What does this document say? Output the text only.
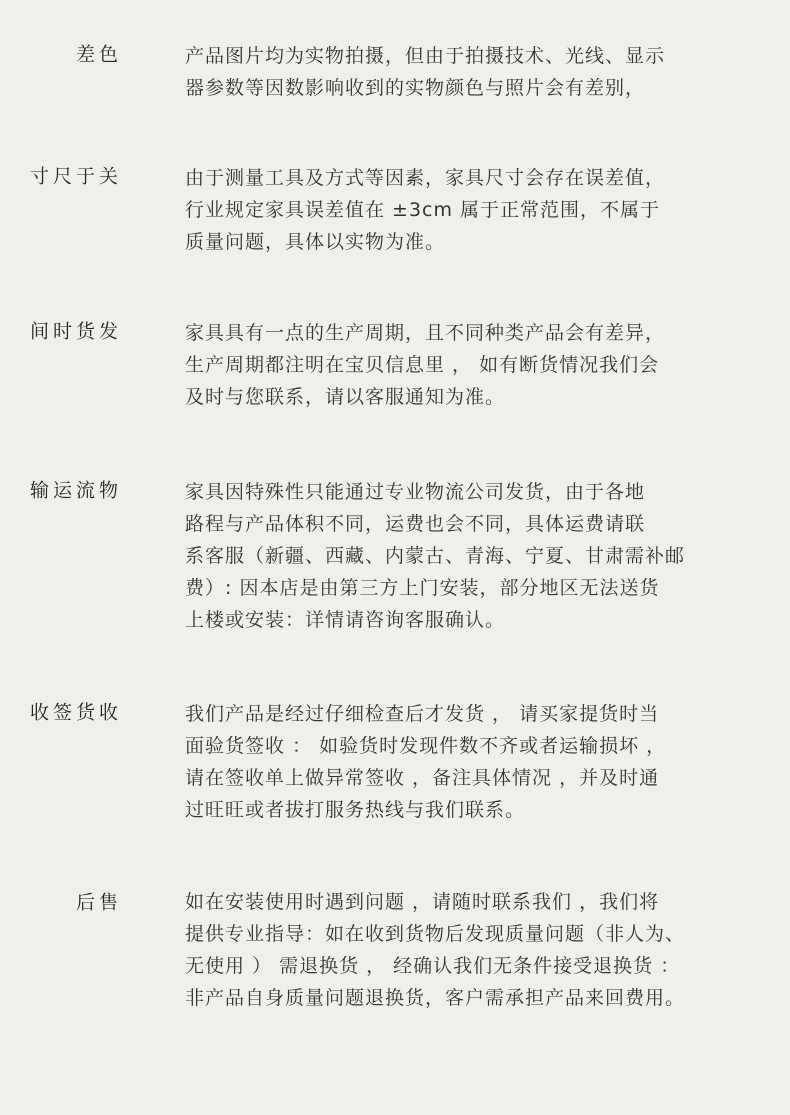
色差	产品图片均为实物拍摄，但由于拍摄技术、光线、显示
器参数等因数影响收到的实物颜色与照片会有差别，
关于尺寸	由于测量工具及方式等因素，家具尺寸会存在误差值，
行业规定家具误差值在 ±3cm 属于正常范围，不属于
质量问题，具体以实物为准。
发货时间	家具具有一点的生产周期，且不同种类产品会有差异，
生产周期都注明在宝贝信息里 ， 如有断货情况我们会
及时与您联系，请以客服通知为准。
物流运输	家具因特殊性只能通过专业物流公司发货，由于各地
路程与产品体积不同，运费也会不同，具体运费请联
系客服（新疆、西藏、内蒙古、青海、宁夏、甘肃需补邮
费）: 因本店是由第三方上门安装，部分地区无法送货
上楼或安装：详情请咨询客服确认。
收货签收	我们产品是经过仔细检查后才发货 ， 请买家提货时当
面验货签收 ： 如验货时发现件数不齐或者运输损坏 ，
请在签收单上做异常签收 ，备注具体情况 ，并及时通
过旺旺或者拔打服务热线与我们联系。
售后	如在安装使用时遇到问题 ，请随时联系我们 ，我们将
提供专业指导：如在收到货物后发现质量问题（非人为、
无使用 ） 需退换货 ， 经确认我们无条件接受退换货 ：
非产品自身质量问题退换货，客户需承担产品来回费用。
